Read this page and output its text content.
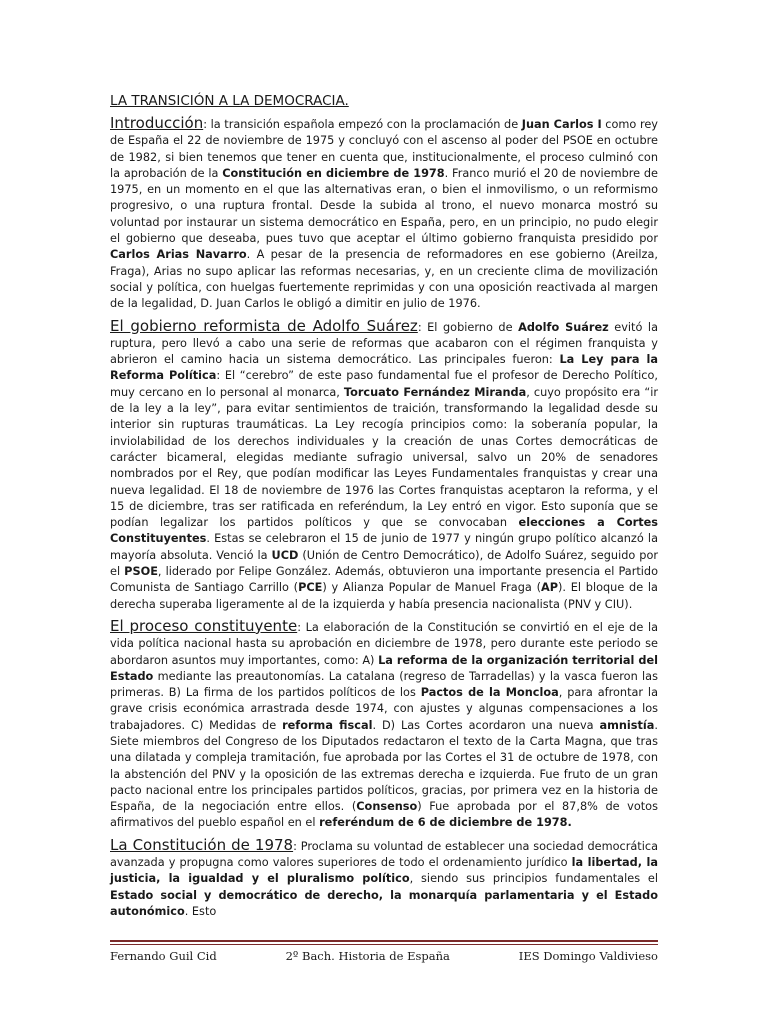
LA TRANSICIÓN A LA DEMOCRACIA.

Introducción: la transición española empezó con la proclamación de Juan Carlos I como rey de España el 22 de noviembre de 1975 y concluyó con el ascenso al poder del PSOE en octubre de 1982, si bien tenemos que tener en cuenta que, institucionalmente, el proceso culminó con la aprobación de la Constitución en diciembre de 1978. Franco murió el 20 de noviembre de 1975, en un momento en el que las alternativas eran, o bien el inmovilismo, o un reformismo progresivo, o una ruptura frontal. Desde la subida al trono, el nuevo monarca mostró su voluntad por instaurar un sistema democrático en España, pero, en un principio, no pudo elegir el gobierno que deseaba, pues tuvo que aceptar el último gobierno franquista presidido por Carlos Arias Navarro. A pesar de la presencia de reformadores en ese gobierno (Areilza, Fraga), Arias no supo aplicar las reformas necesarias, y, en un creciente clima de movilización social y política, con huelgas fuertemente reprimidas y con una oposición reactivada al margen de la legalidad, D. Juan Carlos le obligó a dimitir en julio de 1976.

El gobierno reformista de Adolfo Suárez: El gobierno de Adolfo Suárez evitó la ruptura, pero llevó a cabo una serie de reformas que acabaron con el régimen franquista y abrieron el camino hacia un sistema democrático. Las principales fueron: La Ley para la Reforma Política: El “cerebro” de este paso fundamental fue el profesor de Derecho Político, muy cercano en lo personal al monarca, Torcuato Fernández Miranda, cuyo propósito era “ir de la ley a la ley”, para evitar sentimientos de traición, transformando la legalidad desde su interior sin rupturas traumáticas. La Ley recogía principios como: la soberanía popular, la inviolabilidad de los derechos individuales y la creación de unas Cortes democráticas de carácter bicameral, elegidas mediante sufragio universal, salvo un 20% de senadores nombrados por el Rey, que podían modificar las Leyes Fundamentales franquistas y crear una nueva legalidad. El 18 de noviembre de 1976 las Cortes franquistas aceptaron la reforma, y el 15 de diciembre, tras ser ratificada en referéndum, la Ley entró en vigor. Esto suponía que se podían legalizar los partidos políticos y que se convocaban elecciones a Cortes Constituyentes. Estas se celebraron el 15 de junio de 1977 y ningún grupo político alcanzó la mayoría absoluta. Venció la UCD (Unión de Centro Democrático), de Adolfo Suárez, seguido por el PSOE, liderado por Felipe González. Además, obtuvieron una importante presencia el Partido Comunista de Santiago Carrillo (PCE) y Alianza Popular de Manuel Fraga (AP). El bloque de la derecha superaba ligeramente al de la izquierda y había presencia nacionalista (PNV y CIU).

El proceso constituyente: La elaboración de la Constitución se convirtió en el eje de la vida política nacional hasta su aprobación en diciembre de 1978, pero durante este periodo se abordaron asuntos muy importantes, como: A) La reforma de la organización territorial del Estado mediante las preautonomías. La catalana (regreso de Tarradellas) y la vasca fueron las primeras. B) La firma de los partidos políticos de los Pactos de la Moncloa, para afrontar la grave crisis económica arrastrada desde 1974, con ajustes y algunas compensaciones a los trabajadores. C) Medidas de reforma fiscal. D) Las Cortes acordaron una nueva amnistía. Siete miembros del Congreso de los Diputados redactaron el texto de la Carta Magna, que tras una dilatada y compleja tramitación, fue aprobada por las Cortes el 31 de octubre de 1978, con la abstención del PNV y la oposición de las extremas derecha e izquierda. Fue fruto de un gran pacto nacional entre los principales partidos políticos, gracias, por primera vez en la historia de España, de la negociación entre ellos. (Consenso) Fue aprobada por el 87,8% de votos afirmativos del pueblo español en el referéndum de 6 de diciembre de 1978.

La Constitución de 1978: Proclama su voluntad de establecer una sociedad democrática avanzada y propugna como valores superiores de todo el ordenamiento jurídico la libertad, la justicia, la igualdad y el pluralismo político, siendo sus principios fundamentales el Estado social y democrático de derecho, la monarquía parlamentaria y el Estado autonómico. Esto

Fernando Guil Cid	2º Bach. Historia de España	IES Domingo Valdivieso
